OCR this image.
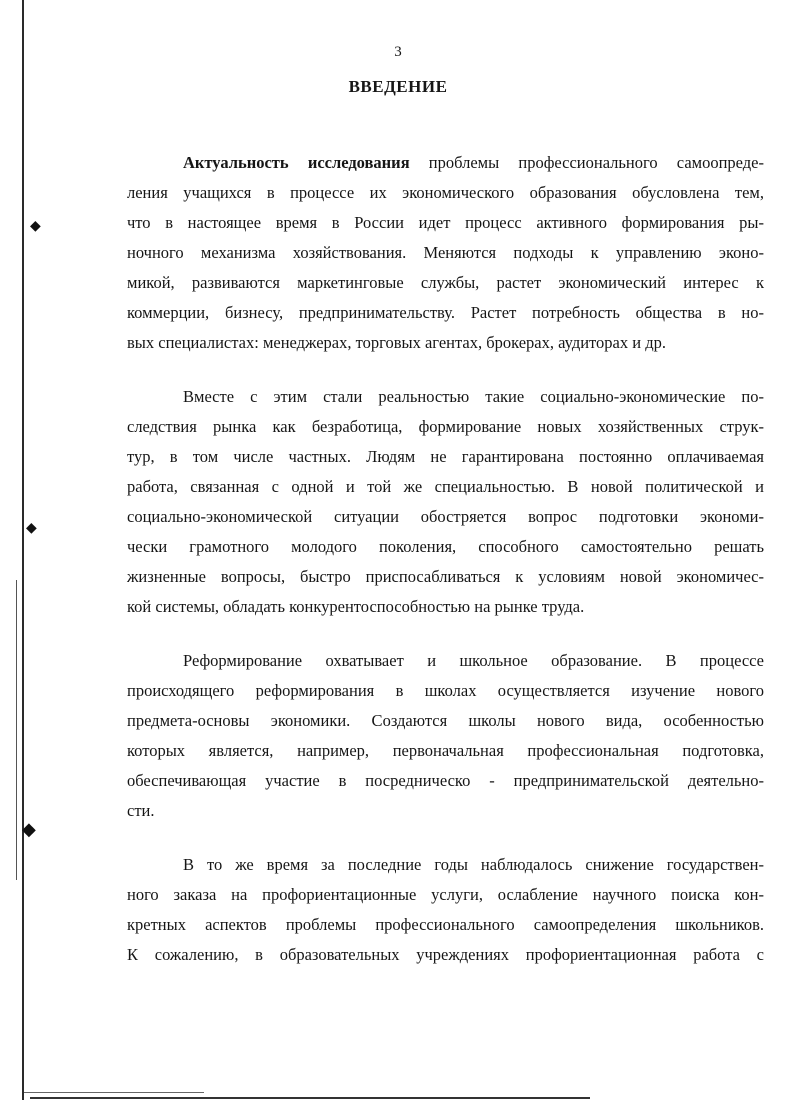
◆
◆
◆
3
ВВЕДЕНИЕ
Актуальность исследования проблемы профессионального самоопреде-
ления учащихся в процессе их экономического образования обусловлена тем,
что в настоящее время в России идет процесс активного формирования ры-
ночного механизма хозяйствования. Меняются подходы к управлению эконо-
микой, развиваются маркетинговые службы, растет экономический интерес к
коммерции, бизнесу, предпринимательству. Растет потребность общества в но-
вых специалистах: менеджерах, торговых агентах, брокерах, аудиторах и др.
Вместе с этим стали реальностью такие социально-экономические по-
следствия рынка как безработица, формирование новых хозяйственных струк-
тур, в том числе частных. Людям не гарантирована постоянно оплачиваемая
работа, связанная с одной и той же специальностью. В новой политической и
социально-экономической ситуации обостряется вопрос подготовки экономи-
чески грамотного молодого поколения, способного самостоятельно решать
жизненные вопросы, быстро приспосабливаться к условиям новой экономичес-
кой системы, обладать конкурентоспособностью на рынке труда.
Реформирование охватывает и школьное образование. В процессе
происходящего реформирования в школах осуществляется изучение нового
предмета-основы экономики. Создаются школы нового вида, особенностью
которых является, например, первоначальная профессиональная подготовка,
обеспечивающая участие в посредническо - предпринимательской деятельно-
сти.
В то же время за последние годы наблюдалось снижение государствен-
ного заказа на профориентационные услуги, ослабление научного поиска кон-
кретных аспектов проблемы профессионального самоопределения школьников.
К сожалению, в образовательных учреждениях профориентационная работа с
